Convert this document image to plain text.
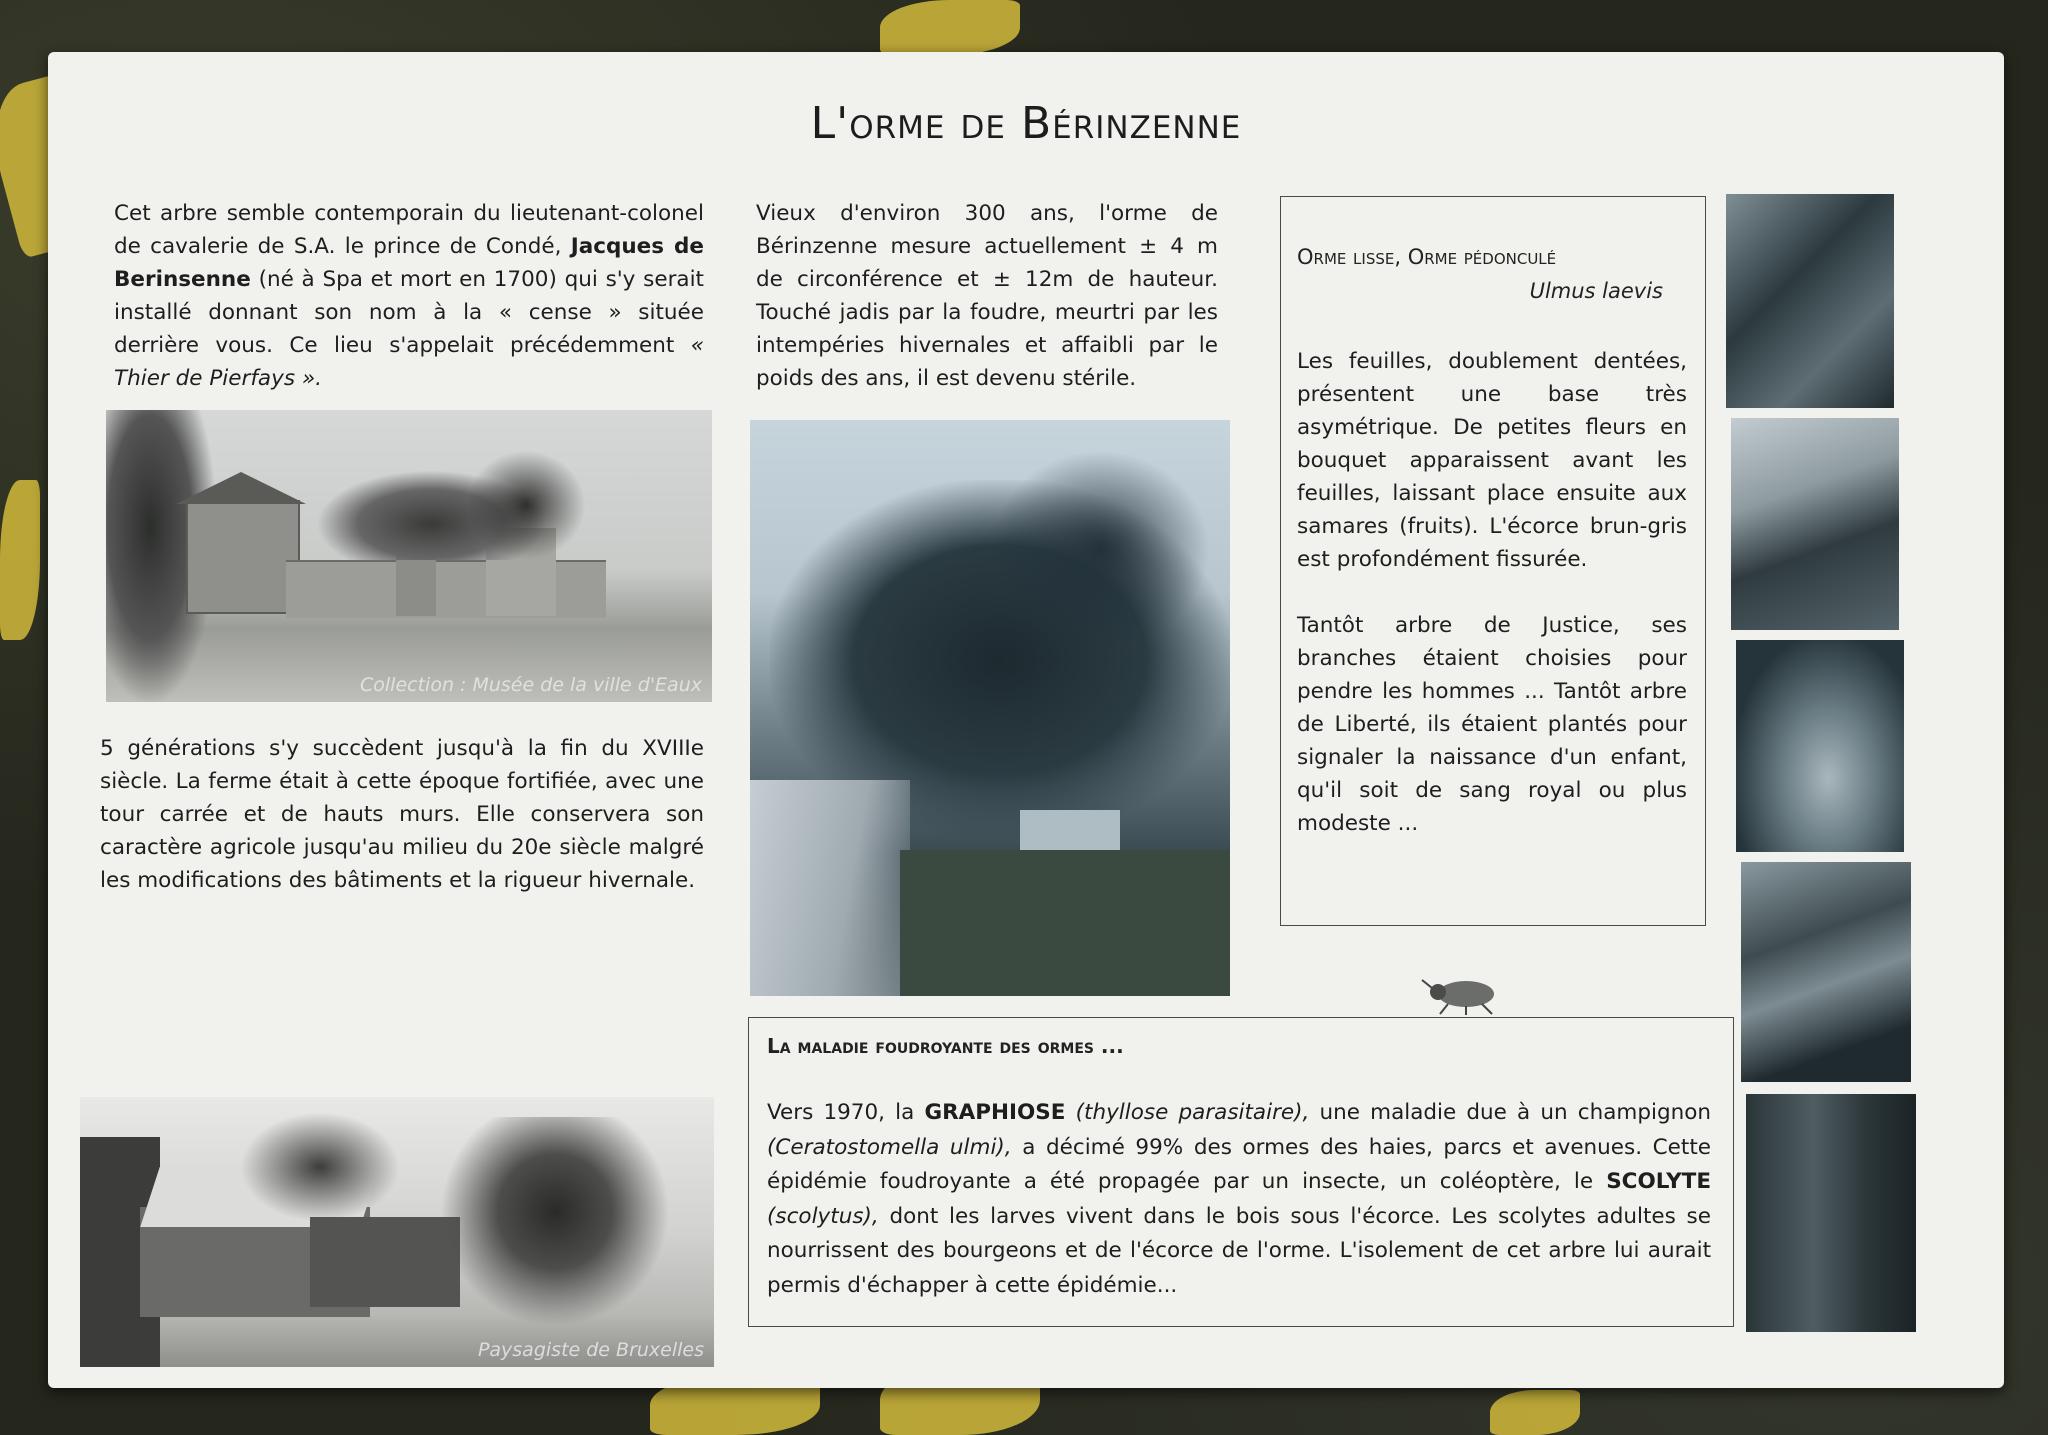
L'orme de Bérinzenne
Cet arbre semble contemporain du lieutenant-colonel de cavalerie de S.A. le prince de Condé, Jacques de Berinsenne (né à Spa et mort en 1700) qui s'y serait installé donnant son nom à la « cense » située derrière vous. Ce lieu s'appelait précédemment « Thier de Pierfays ».
Collection : Musée de la ville d'Eaux
5 générations s'y succèdent jusqu'à la fin du XVIIIe siècle. La ferme était à cette époque fortifiée, avec une tour carrée et de hauts murs. Elle conservera son caractère agricole jusqu'au milieu du 20e siècle malgré les modifications des bâtiments et la rigueur hivernale.
Paysagiste de Bruxelles
Vieux d'environ 300 ans, l'orme de Bérinzenne mesure actuellement ± 4 m de circonférence et ± 12m de hauteur. Touché jadis par la foudre, meurtri par les intempéries hivernales et affaibli par le poids des ans, il est devenu stérile.
Orme lisse, Orme pédonculé
Ulmus laevis
Les feuilles, doublement dentées, présentent une base très asymétrique. De petites fleurs en bouquet apparaissent avant les feuilles, laissant place ensuite aux samares (fruits). L'écorce brun-gris est profondément fissurée.
Tantôt arbre de Justice, ses branches étaient choisies pour pendre les hommes ... Tantôt arbre de Liberté, ils étaient plantés pour signaler la naissance d'un enfant, qu'il soit de sang royal ou plus modeste ...
La maladie foudroyante des ormes ...
Vers 1970, la GRAPHIOSE (thyllose parasitaire), une maladie due à un champignon (Ceratostomella ulmi), a décimé 99% des ormes des haies, parcs et avenues. Cette épidémie foudroyante a été propagée par un insecte, un coléoptère, le SCOLYTE (scolytus), dont les larves vivent dans le bois sous l'écorce. Les scolytes adultes se nourrissent des bourgeons et de l'écorce de l'orme. L'isolement de cet arbre lui aurait permis d'échapper à cette épidémie...
